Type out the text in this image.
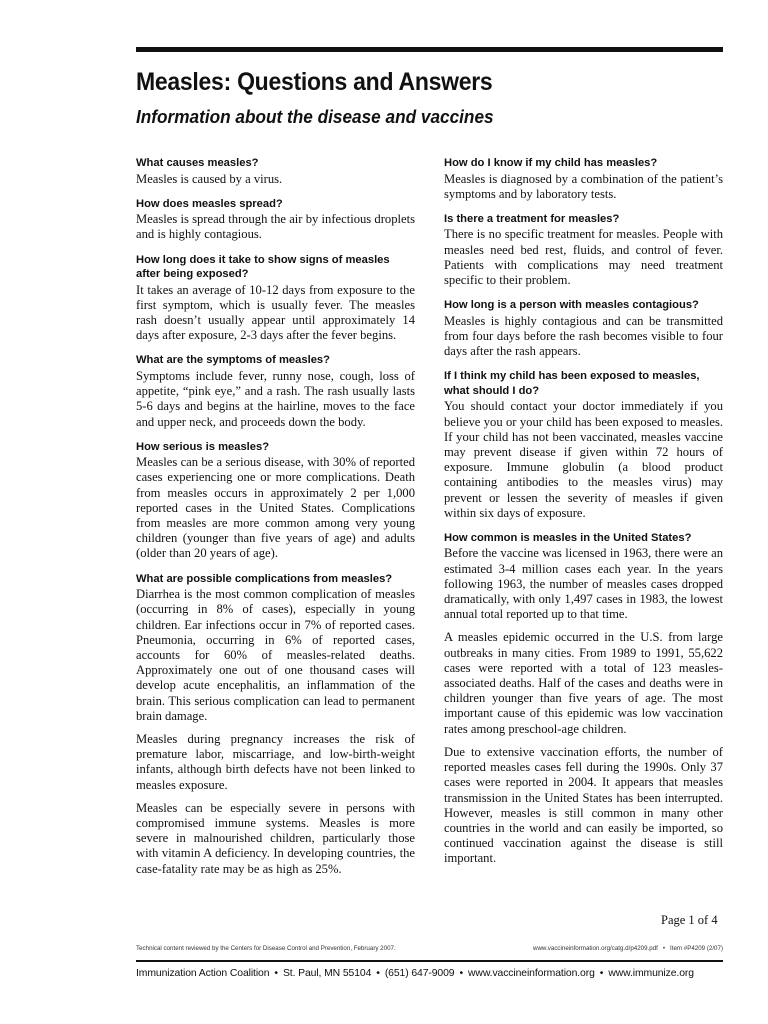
Measles: Questions and Answers
Information about the disease and vaccines
What causes measles?

Measles is caused by a virus.

How does measles spread?

Measles is spread through the air by infectious droplets and is highly contagious.

How long does it take to show signs of measles after being exposed?

It takes an average of 10-12 days from exposure to the first symptom, which is usually fever. The measles rash doesn’t usually appear until approximately 14 days after exposure, 2-3 days after the fever begins.

What are the symptoms of measles?

Symptoms include fever, runny nose, cough, loss of appetite, “pink eye,” and a rash. The rash usually lasts 5-6 days and begins at the hairline, moves to the face and upper neck, and proceeds down the body.

How serious is measles?

Measles can be a serious disease, with 30% of reported cases experiencing one or more complications. Death from measles occurs in approximately 2 per 1,000 reported cases in the United States. Complications from measles are more common among very young children (younger than five years of age) and adults (older than 20 years of age).

What are possible complications from measles?

Diarrhea is the most common complication of measles (occurring in 8% of cases), especially in young children. Ear infections occur in 7% of reported cases. Pneumonia, occurring in 6% of reported cases, accounts for 60% of measles-related deaths. Approximately one out of one thousand cases will develop acute encephalitis, an inflammation of the brain. This serious complication can lead to permanent brain damage.

Measles during pregnancy increases the risk of premature labor, miscarriage, and low-birth-weight infants, although birth defects have not been linked to measles exposure.

Measles can be especially severe in persons with compromised immune systems. Measles is more severe in malnourished children, particularly those with vitamin A deficiency. In developing countries, the case-fatality rate may be as high as 25%.

How do I know if my child has measles?

Measles is diagnosed by a combination of the patient’s symptoms and by laboratory tests.

Is there a treatment for measles?

There is no specific treatment for measles. People with measles need bed rest, fluids, and control of fever. Patients with complications may need treatment specific to their problem.

How long is a person with measles contagious?

Measles is highly contagious and can be transmitted from four days before the rash becomes visible to four days after the rash appears.

If I think my child has been exposed to measles, what should I do?

You should contact your doctor immediately if you believe you or your child has been exposed to measles. If your child has not been vaccinated, measles vaccine may prevent disease if given within 72 hours of exposure. Immune globulin (a blood product containing antibodies to the measles virus) may prevent or lessen the severity of measles if given within six days of exposure.

How common is measles in the United States?

Before the vaccine was licensed in 1963, there were an estimated 3-4 million cases each year. In the years following 1963, the number of measles cases dropped dramatically, with only 1,497 cases in 1983, the lowest annual total reported up to that time.

A measles epidemic occurred in the U.S. from large outbreaks in many cities. From 1989 to 1991, 55,622 cases were reported with a total of 123 measles-associated deaths. Half of the cases and deaths were in children younger than five years of age. The most important cause of this epidemic was low vaccination rates among preschool-age children.

Due to extensive vaccination efforts, the number of reported measles cases fell during the 1990s. Only 37 cases were reported in 2004. It appears that measles transmission in the United States has been interrupted. However, measles is still common in many other countries in the world and can easily be imported, so continued vaccination against the disease is still important.

Page 1 of 4
Technical content reviewed by the Centers for Disease Control and Prevention, February 2007.	www.vaccineinformation.org/catg.d/p4209.pdf • Item #P4209 (2/07)
Immunization Action Coalition • St. Paul, MN 55104 • (651) 647-9009 • www.vaccineinformation.org • www.immunize.org
